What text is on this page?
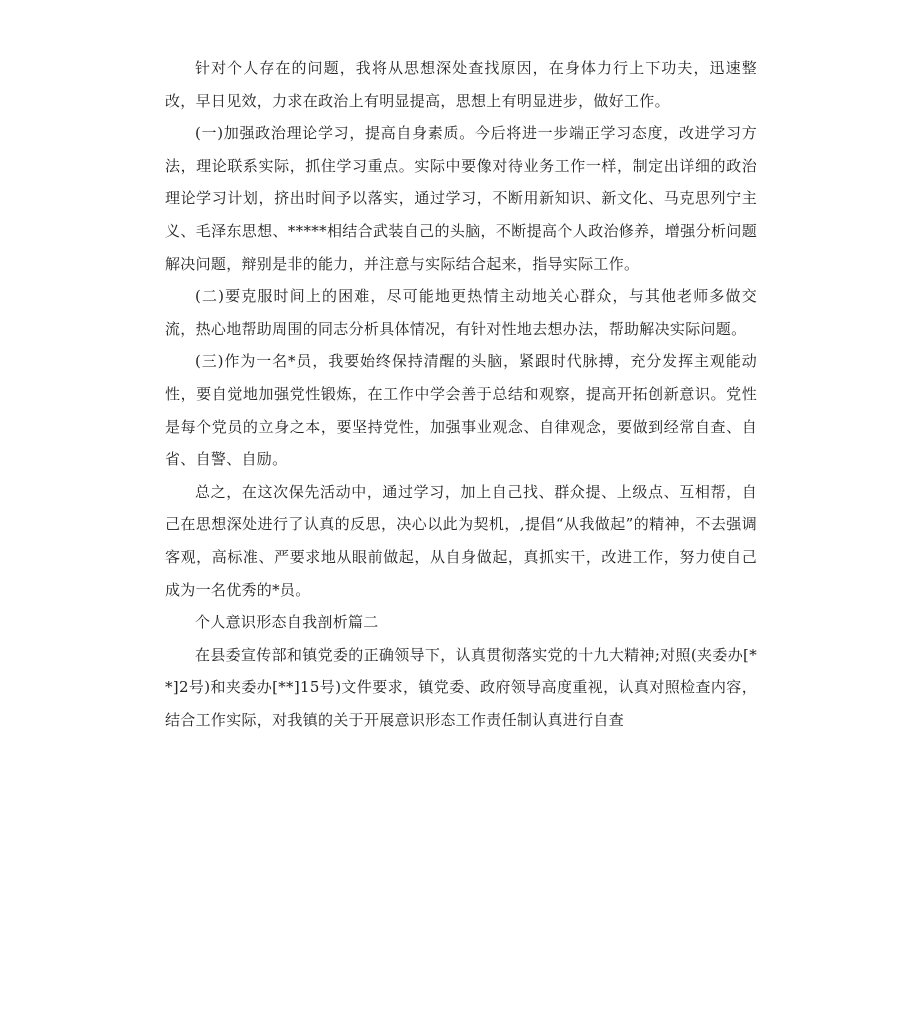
针对个人存在的问题，我将从思想深处查找原因，在身体力行上下功夫，迅速整改，早日见效，力求在政治上有明显提高，思想上有明显进步，做好工作。

(一)加强政治理论学习，提高自身素质。今后将进一步端正学习态度，改进学习方法，理论联系实际，抓住学习重点。实际中要像对待业务工作一样，制定出详细的政治理论学习计划，挤出时间予以落实，通过学习，不断用新知识、新文化、马克思列宁主义、毛泽东思想、*****相结合武装自己的头脑，不断提高个人政治修养，增强分析问题解决问题，辩别是非的能力，并注意与实际结合起来，指导实际工作。

(二)要克服时间上的困难，尽可能地更热情主动地关心群众，与其他老师多做交流，热心地帮助周围的同志分析具体情况，有针对性地去想办法，帮助解决实际问题。

(三)作为一名*员，我要始终保持清醒的头脑，紧跟时代脉搏，充分发挥主观能动性，要自觉地加强党性锻炼，在工作中学会善于总结和观察，提高开拓创新意识。党性是每个党员的立身之本，要坚持党性，加强事业观念、自律观念，要做到经常自查、自省、自警、自励。

总之，在这次保先活动中，通过学习，加上自己找、群众提、上级点、互相帮，自己在思想深处进行了认真的反思，决心以此为契机，,提倡“从我做起”的精神，不去强调客观，高标准、严要求地从眼前做起，从自身做起，真抓实干，改进工作，努力使自己成为一名优秀的*员。

个人意识形态自我剖析篇二

在县委宣传部和镇党委的正确领导下，认真贯彻落实党的十九大精神;对照(夹委办[**]2号)和夹委办[**]15号)文件要求，镇党委、政府领导高度重视，认真对照检查内容，结合工作实际，对我镇的关于开展意识形态工作责任制认真进行自查
